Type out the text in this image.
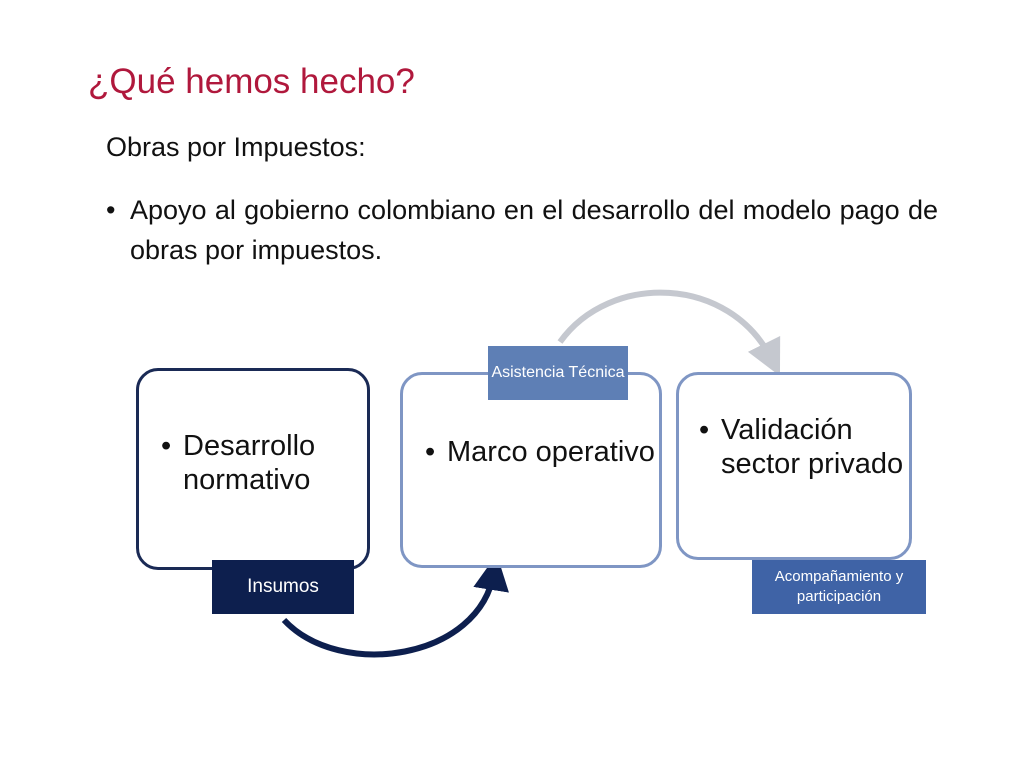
¿Qué hemos hecho?
Obras por Impuestos:
• Apoyo al gobierno colombiano en el desarrollo del modelo pago de obras por impuestos.
• Desarrollo normativo
• Marco operativo
• Validación sector privado
Insumos
Asistencia Técnica
Acompañamiento y participación
